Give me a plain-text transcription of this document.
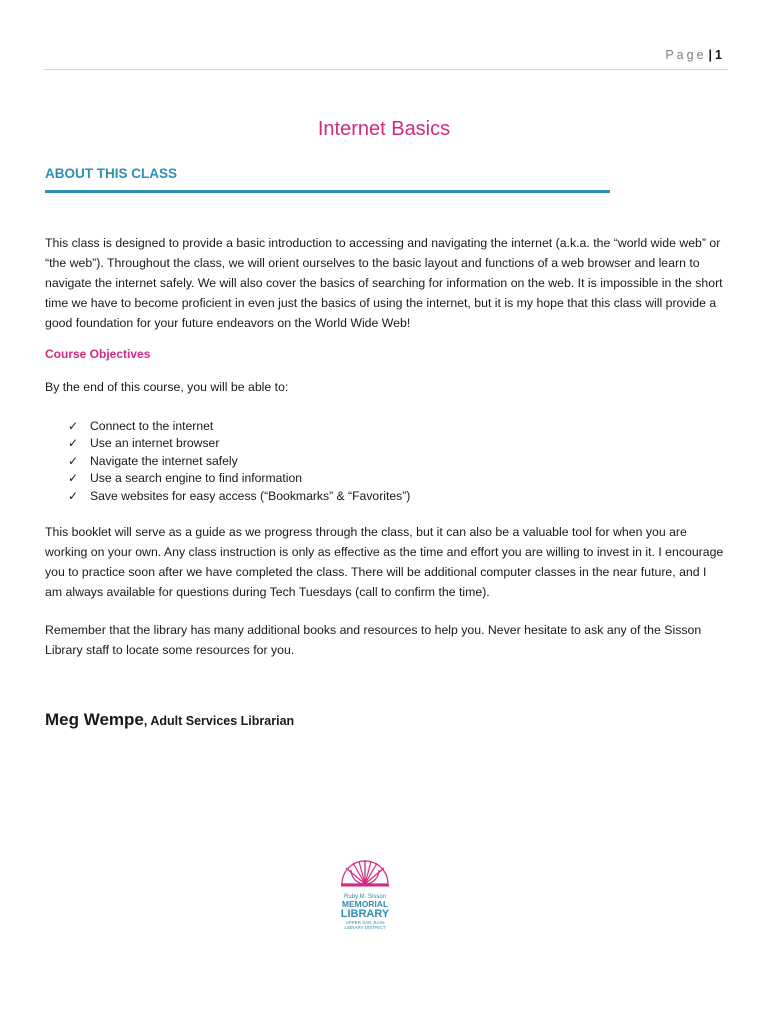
Page | 1
Internet Basics
ABOUT THIS CLASS

This class is designed to provide a basic introduction to accessing and navigating the internet (a.k.a. the “world wide web” or “the web”). Throughout the class, we will orient ourselves to the basic layout and functions of a web browser and learn to navigate the internet safely. We will also cover the basics of searching for information on the web. It is impossible in the short time we have to become proficient in even just the basics of using the internet, but it is my hope that this class will provide a good foundation for your future endeavors on the World Wide Web!

Course Objectives

By the end of this course, you will be able to:

✓ Connect to the internet
✓ Use an internet browser
✓ Navigate the internet safely
✓ Use a search engine to find information
✓ Save websites for easy access (“Bookmarks” & “Favorites”)

This booklet will serve as a guide as we progress through the class, but it can also be a valuable tool for when you are working on your own. Any class instruction is only as effective as the time and effort you are willing to invest in it. I encourage you to practice soon after we have completed the class. There will be additional computer classes in the near future, and I am always available for questions during Tech Tuesdays (call to confirm the time).

Remember that the library has many additional books and resources to help you. Never hesitate to ask any of the Sisson Library staff to locate some resources for you.

Meg Wempe, Adult Services Librarian

Ruby M. Sisson
MEMORIAL
LIBRARY
UPPER SAN JUAN
LIBRARY DISTRICT
